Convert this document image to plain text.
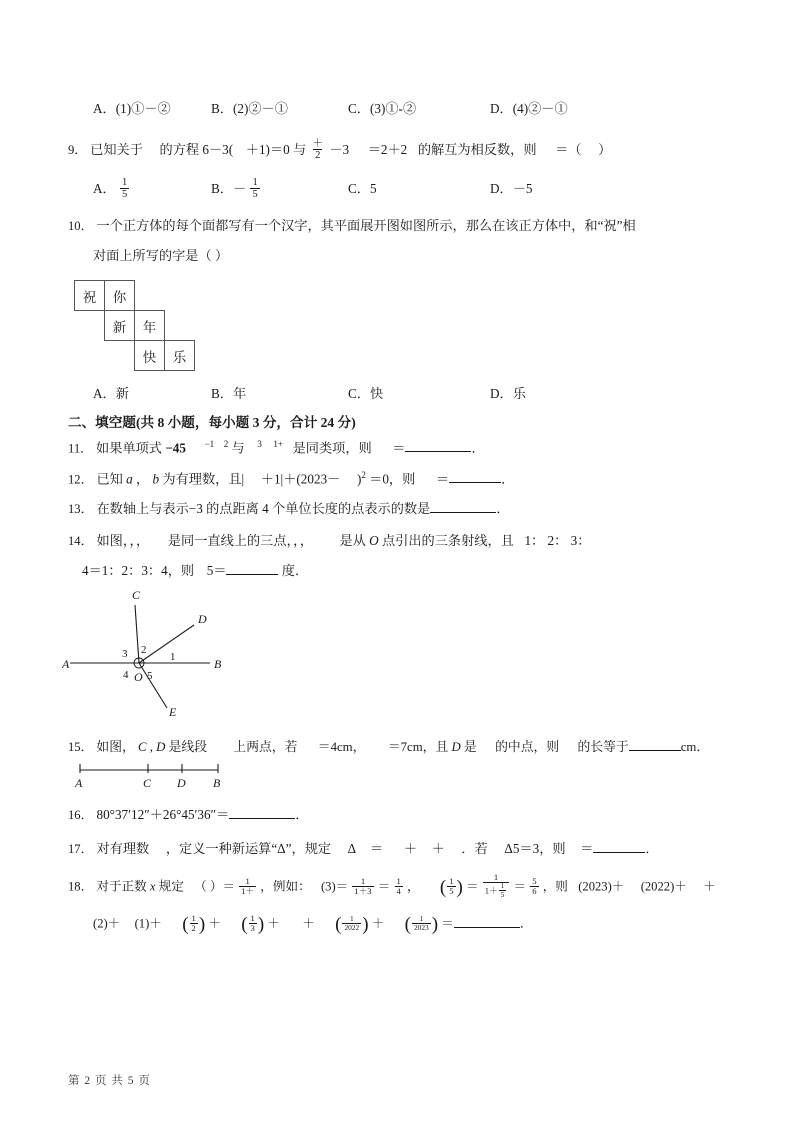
A．(1)①－②	B．(2)②－①	C．(3)①-②	D．(4)②－①
9． 已知关于 的方程 6－3( ＋1)＝0 与 $\frac{+}{2} -3 =2+2$ 的解互为相反数，则 ＝（ ）
A． $\frac{1}{5}$	B．－ $\frac{1}{5}$	C．5	D．－5
10． 一个正方体的每个面都写有一个汉字，其平面展开图如图所示，那么在该正方体中，和“祝”相
对面上所写的字是（ ）
祝 你
新 年
快 乐
A．新	B．年	C．快	D．乐
二、填空题(共 8 小题，每小题 3 分，合计 24 分)
11． 如果单项式 −45 $^{-1}$ $^2$ 与 $^3$ $^{1+}$ 是同类项，则 ＝	．
12． 已知 a ， b 为有理数，且| $+1|+(2023- )^2 =0$，则 ＝	．
13． 在数轴上与表示−3 的点距离 4 个单位长度的点表示的数是	．
14． 如图，，， 是同一直线上的三点，，， 是从 O 点引出的三条射线，且 1： 2： 3：
4＝1：2：3：4，则 5＝	度．
C
D
A	B
O
E
3 2
1
4 5
15． 如图， C , D 是线段 上两点，若 ＝4cm， ＝7cm，且 D 是 的中点，则 的长等于	cm．
A	C D B
16． 80°37′12″＋26°45′36″＝	．
17． 对有理数 ，定义一种新运算“Δ”，规定 Δ ＝ ＋ ＋ ．若 Δ5＝3，则 ＝	．
18． 对于正数 x 规定 （ ）＝ $\frac{1}{1+}$ ，例如： $(3)= \frac{1}{1+3} = \frac{1}{4}$ ， ( $\frac{1}{5}$ ) ＝ $\frac{1}{1+ \frac{1}{5}} = \frac{5}{6}$ ，则 (2023)＋ (2022)＋ ＋
(2)＋ (1)＋ ( $\frac{1}{2}$ ) ＋ ( $\frac{1}{3}$ ) ＋ ＋ ( $\frac{1}{2022}$ ) ＋ ( $\frac{1}{2023}$ ) ＝	．
第 2 页 共 5 页
